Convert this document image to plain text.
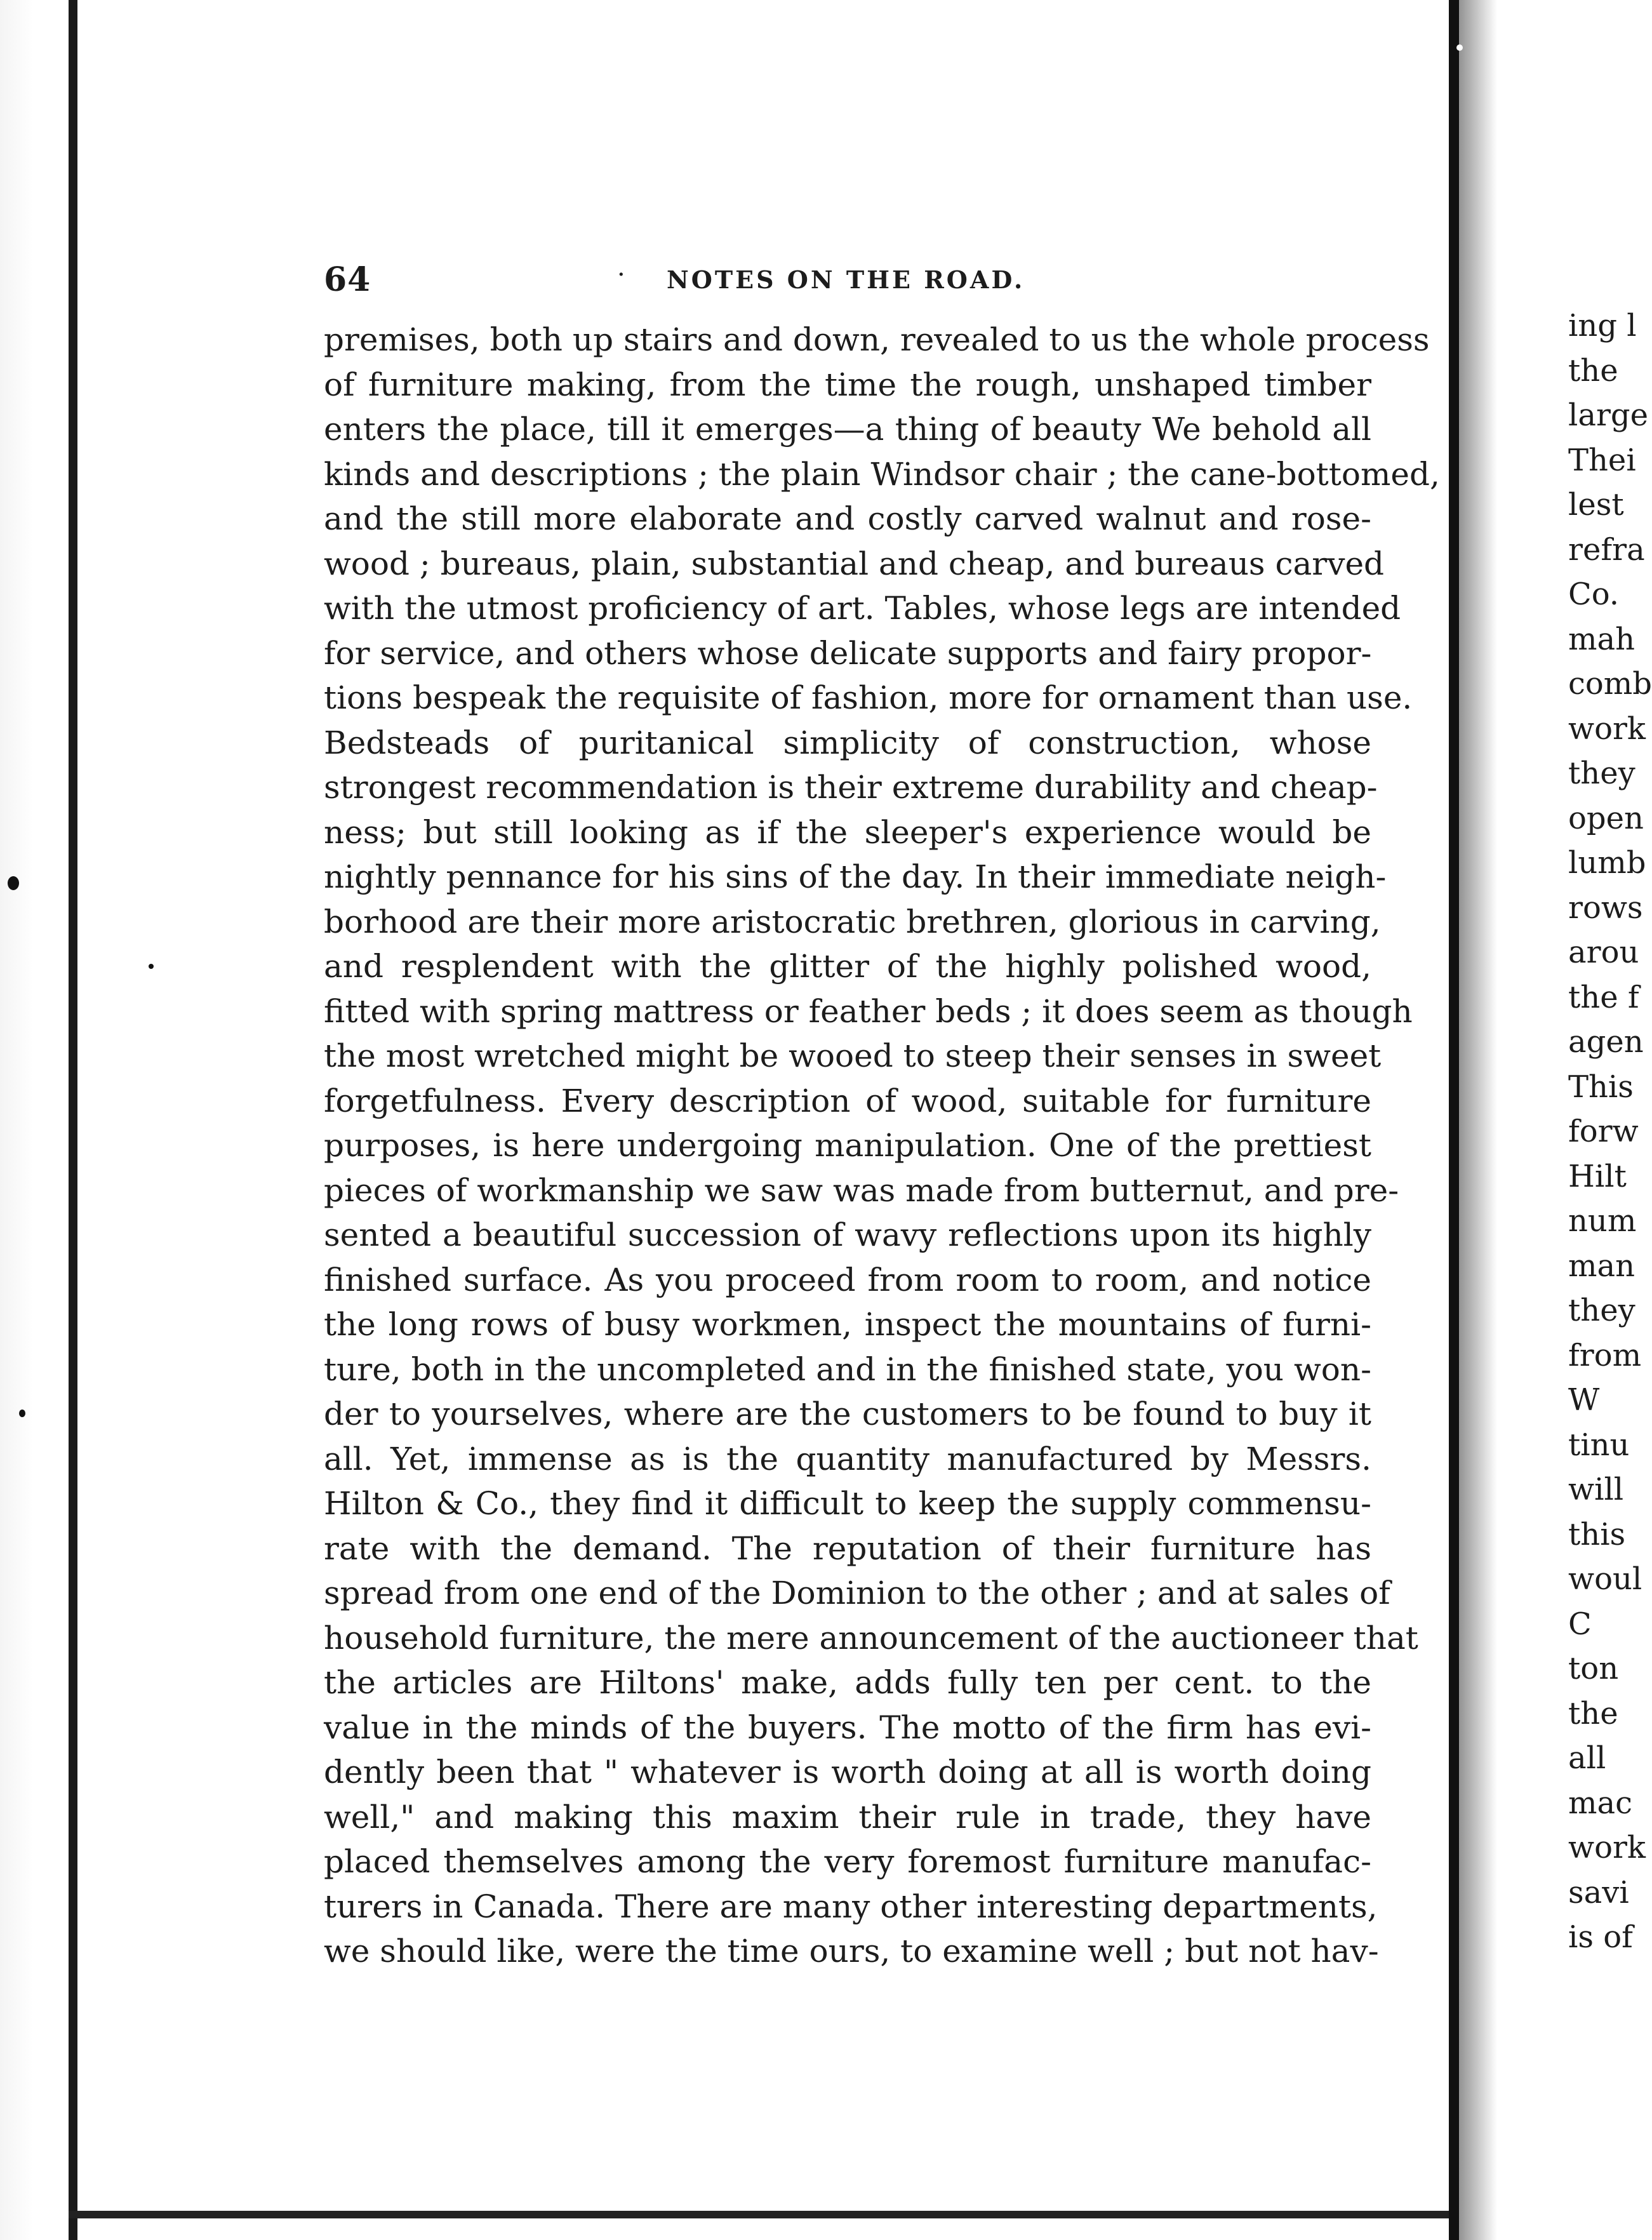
64	· NOTES ON THE ROAD.
premises, both up stairs and down, revealed to us the whole process
of furniture making, from the time the rough, unshaped timber
enters the place, till it emerges—a thing of beauty We behold all
kinds and descriptions ; the plain Windsor chair ; the cane-bottomed,
and the still more elaborate and costly carved walnut and rose-
wood ; bureaus, plain, substantial and cheap, and bureaus carved
with the utmost proficiency of art. Tables, whose legs are intended
for service, and others whose delicate supports and fairy propor-
tions bespeak the requisite of fashion, more for ornament than use.
Bedsteads of puritanical simplicity of construction, whose
strongest recommendation is their extreme durability and cheap-
ness; but still looking as if the sleeper's experience would be
nightly pennance for his sins of the day. In their immediate neigh-
borhood are their more aristocratic brethren, glorious in carving,
and resplendent with the glitter of the highly polished wood,
fitted with spring mattress or feather beds ; it does seem as though
the most wretched might be wooed to steep their senses in sweet
forgetfulness. Every description of wood, suitable for furniture
purposes, is here undergoing manipulation. One of the prettiest
pieces of workmanship we saw was made from butternut, and pre-
sented a beautiful succession of wavy reflections upon its highly
finished surface. As you proceed from room to room, and notice
the long rows of busy workmen, inspect the mountains of furni-
ture, both in the uncompleted and in the finished state, you won-
der to yourselves, where are the customers to be found to buy it
all. Yet, immense as is the quantity manufactured by Messrs.
Hilton & Co., they find it difficult to keep the supply commensu-
rate with the demand. The reputation of their furniture has
spread from one end of the Dominion to the other ; and at sales of
household furniture, the mere announcement of the auctioneer that
the articles are Hiltons' make, adds fully ten per cent. to the
value in the minds of the buyers. The motto of the firm has evi-
dently been that " whatever is worth doing at all is worth doing
well," and making this maxim their rule in trade, they have
placed themselves among the very foremost furniture manufac-
turers in Canada. There are many other interesting departments,
we should like, were the time ours, to examine well ; but not hav-
ing l
the
large
Thei
lest
refra
Co.
mah
comb
work
they
open
lumb
rows
arou
the f
agen
This
forw
Hilt
num
man
they
from
W
tinu
will
this
woul
C
ton
the
all
mac
work
savi
is of
